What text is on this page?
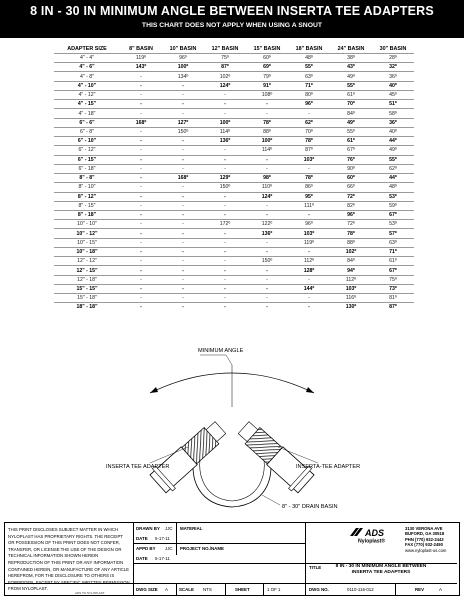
8 IN - 30 IN MINIMUM ANGLE BETWEEN INSERTA TEE ADAPTERS
THIS CHART DOES NOT APPLY WHEN USING A SNOUT
ADAPTER SIZE	8" BASIN	10" BASIN	12" BASIN	15" BASIN	18" BASIN	24" BASIN	30" BASIN
4" - 4"	119º	96º	75º	60º	48º	38º	28º
4" - 6"	143º	100º	87º	69º	55º	43º	32º
4" - 8"	-	134º	102º	79º	63º	49º	36º
4" - 10"	-	-	124º	91º	71º	55º	40º
4" - 12"	-	-	-	108º	80º	61º	45º
4" - 15"	-	-	-	-	96º	70º	51º
4" - 18"	-	-	-	-	-	84º	58º
6" - 6"	168º	127º	100º	78º	62º	49º	36º
6" - 8"	-	150º	114º	88º	70º	55º	40º
6" - 10"	-	-	136º	100º	78º	61º	44º
6" - 12"	-	-	-	114º	87º	67º	49º
6" - 15"	-	-	-	-	103º	76º	55º
6" - 18"	-	-	-	-	-	90º	62º
8" - 8"	-	168º	129º	98º	78º	60º	44º
8" - 10"	-	-	150º	110º	86º	66º	48º
8" - 12"	-	-	-	124º	95º	72º	53º
8" - 15"	-	-	-	-	111º	82º	59º
8" - 18"	-	-	-	-	-	96º	67º
10" - 10"	-	-	172º	122º	96º	72º	53º
10" - 12"	-	-	-	136º	103º	78º	57º
10" - 15"	-	-	-	-	119º	88º	63º
10" - 18"	-	-	-	-	-	102º	71º
12" - 12"	-	-	-	150º	112º	84º	61º
12" - 15"	-	-	-	-	128º	94º	67º
12" - 18"	-	-	-	-	-	112º	75º
15" - 15"	-	-	-	-	144º	103º	73º
15" - 18"	-	-	-	-	-	116º	81º
18" - 18"	-	-	-	-	-	130º	87º
MINIMUM ANGLE
INSERTA TEE ADAPTER	INSERTA-TEE ADAPTER
8" - 30" DRAIN BASIN
THIS PRINT DISCLOSES SUBJECT MATTER IN WHICH NYLOPLAST HAS PROPRIETARY RIGHTS. THE RECEIPT OR POSSESSION OF THIS PRINT DOES NOT CONFER, TRANSFER, OR LICENSE THE USE OF THE DESIGN OR TECHNICAL INFORMATION SHOWN HEREIN REPRODUCTION OF THIS PRINT OR ANY INFORMATION CONTAINED HEREIN, OR MANUFACTURE OF ANY ARTICLE HEREFROM, FOR THE DISCLOSURE TO OTHERS IS FORBIDDEN, EXCEPT BY SPECIFIC WRITTEN PERMISSION FROM NYLOPLAST.
ADS TO NYLOPLAST
DRAWN BY JJC MATERIAL
DATE 5-17-11
APPD BY JJC PROJECT NO./NAME
DATE 5-17-11
DWG SIZE A	SCALE NTS	SHEET	1 OF 1	DWG NO.	0110-116-012	REV	A
ADS
Nyloplast®
3130 VERONA AVE
BUFORD, GA 30518
PHN (770) 932-2443
FAX (770) 932-2490
www.nyloplast-us.com
TITLE	8 IN - 30 IN MINIMUM ANGLE BETWEEN
INSERTA TEE ADAPTERS
